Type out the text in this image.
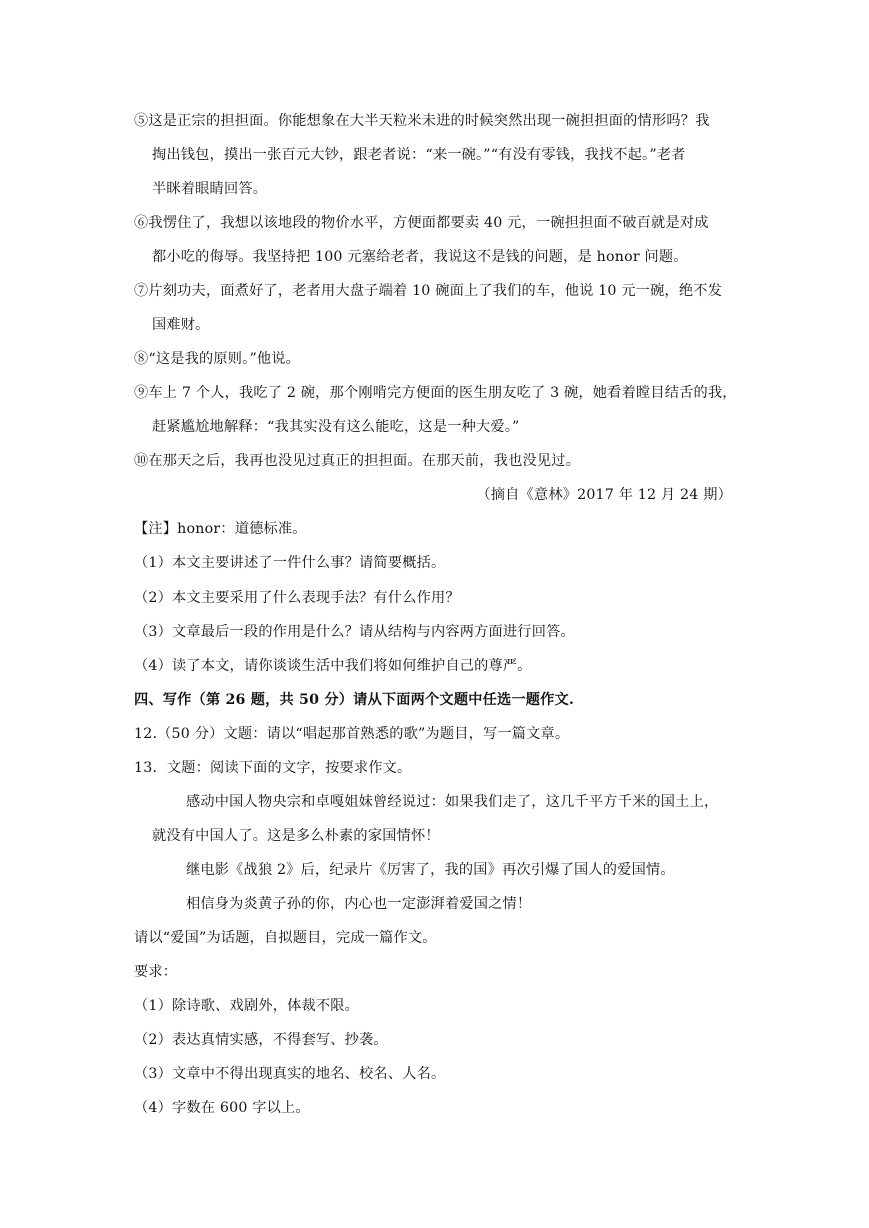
⑤这是正宗的担担面。你能想象在大半天粒米未进的时候突然出现一碗担担面的情形吗？我
掏出钱包，摸出一张百元大钞，跟老者说：“来一碗。”“有没有零钱，我找不起。”老者
半眯着眼睛回答。
⑥我愣住了，我想以该地段的物价水平，方便面都要卖 40 元，一碗担担面不破百就是对成
都小吃的侮辱。我坚持把 100 元塞给老者，我说这不是钱的问题，是 honor 问题。
⑦片刻功夫，面煮好了，老者用大盘子端着 10 碗面上了我们的车，他说 10 元一碗，绝不发
国难财。
⑧“这是我的原则。”他说。
⑨车上 7 个人，我吃了 2 碗，那个刚啃完方便面的医生朋友吃了 3 碗，她看着瞠目结舌的我，
赶紧尴尬地解释：“我其实没有这么能吃，这是一种大爱。”
⑩在那天之后，我再也没见过真正的担担面。在那天前，我也没见过。
（摘自《意林》2017 年 12 月 24 期）
【注】honor：道德标准。
（1）本文主要讲述了一件什么事？请简要概括。
（2）本文主要采用了什么表现手法？有什么作用？
（3）文章最后一段的作用是什么？请从结构与内容两方面进行回答。
（4）读了本文，请你谈谈生活中我们将如何维护自己的尊严。
四、写作（第 26 题，共 50 分）请从下面两个文题中任选一题作文.
12.（50 分）文题：请以“唱起那首熟悉的歌”为题目，写一篇文章。
13．文题：阅读下面的文字，按要求作文。
感动中国人物央宗和卓嘎姐妹曾经说过：如果我们走了，这几千平方千米的国土上，
就没有中国人了。这是多么朴素的家国情怀！
继电影《战狼 2》后，纪录片《厉害了，我的国》再次引爆了国人的爱国情。
相信身为炎黄子孙的你，内心也一定澎湃着爱国之情！
请以“爱国”为话题，自拟题目，完成一篇作文。
要求：
（1）除诗歌、戏剧外，体裁不限。
（2）表达真情实感，不得套写、抄袭。
（3）文章中不得出现真实的地名、校名、人名。
（4）字数在 600 字以上。
